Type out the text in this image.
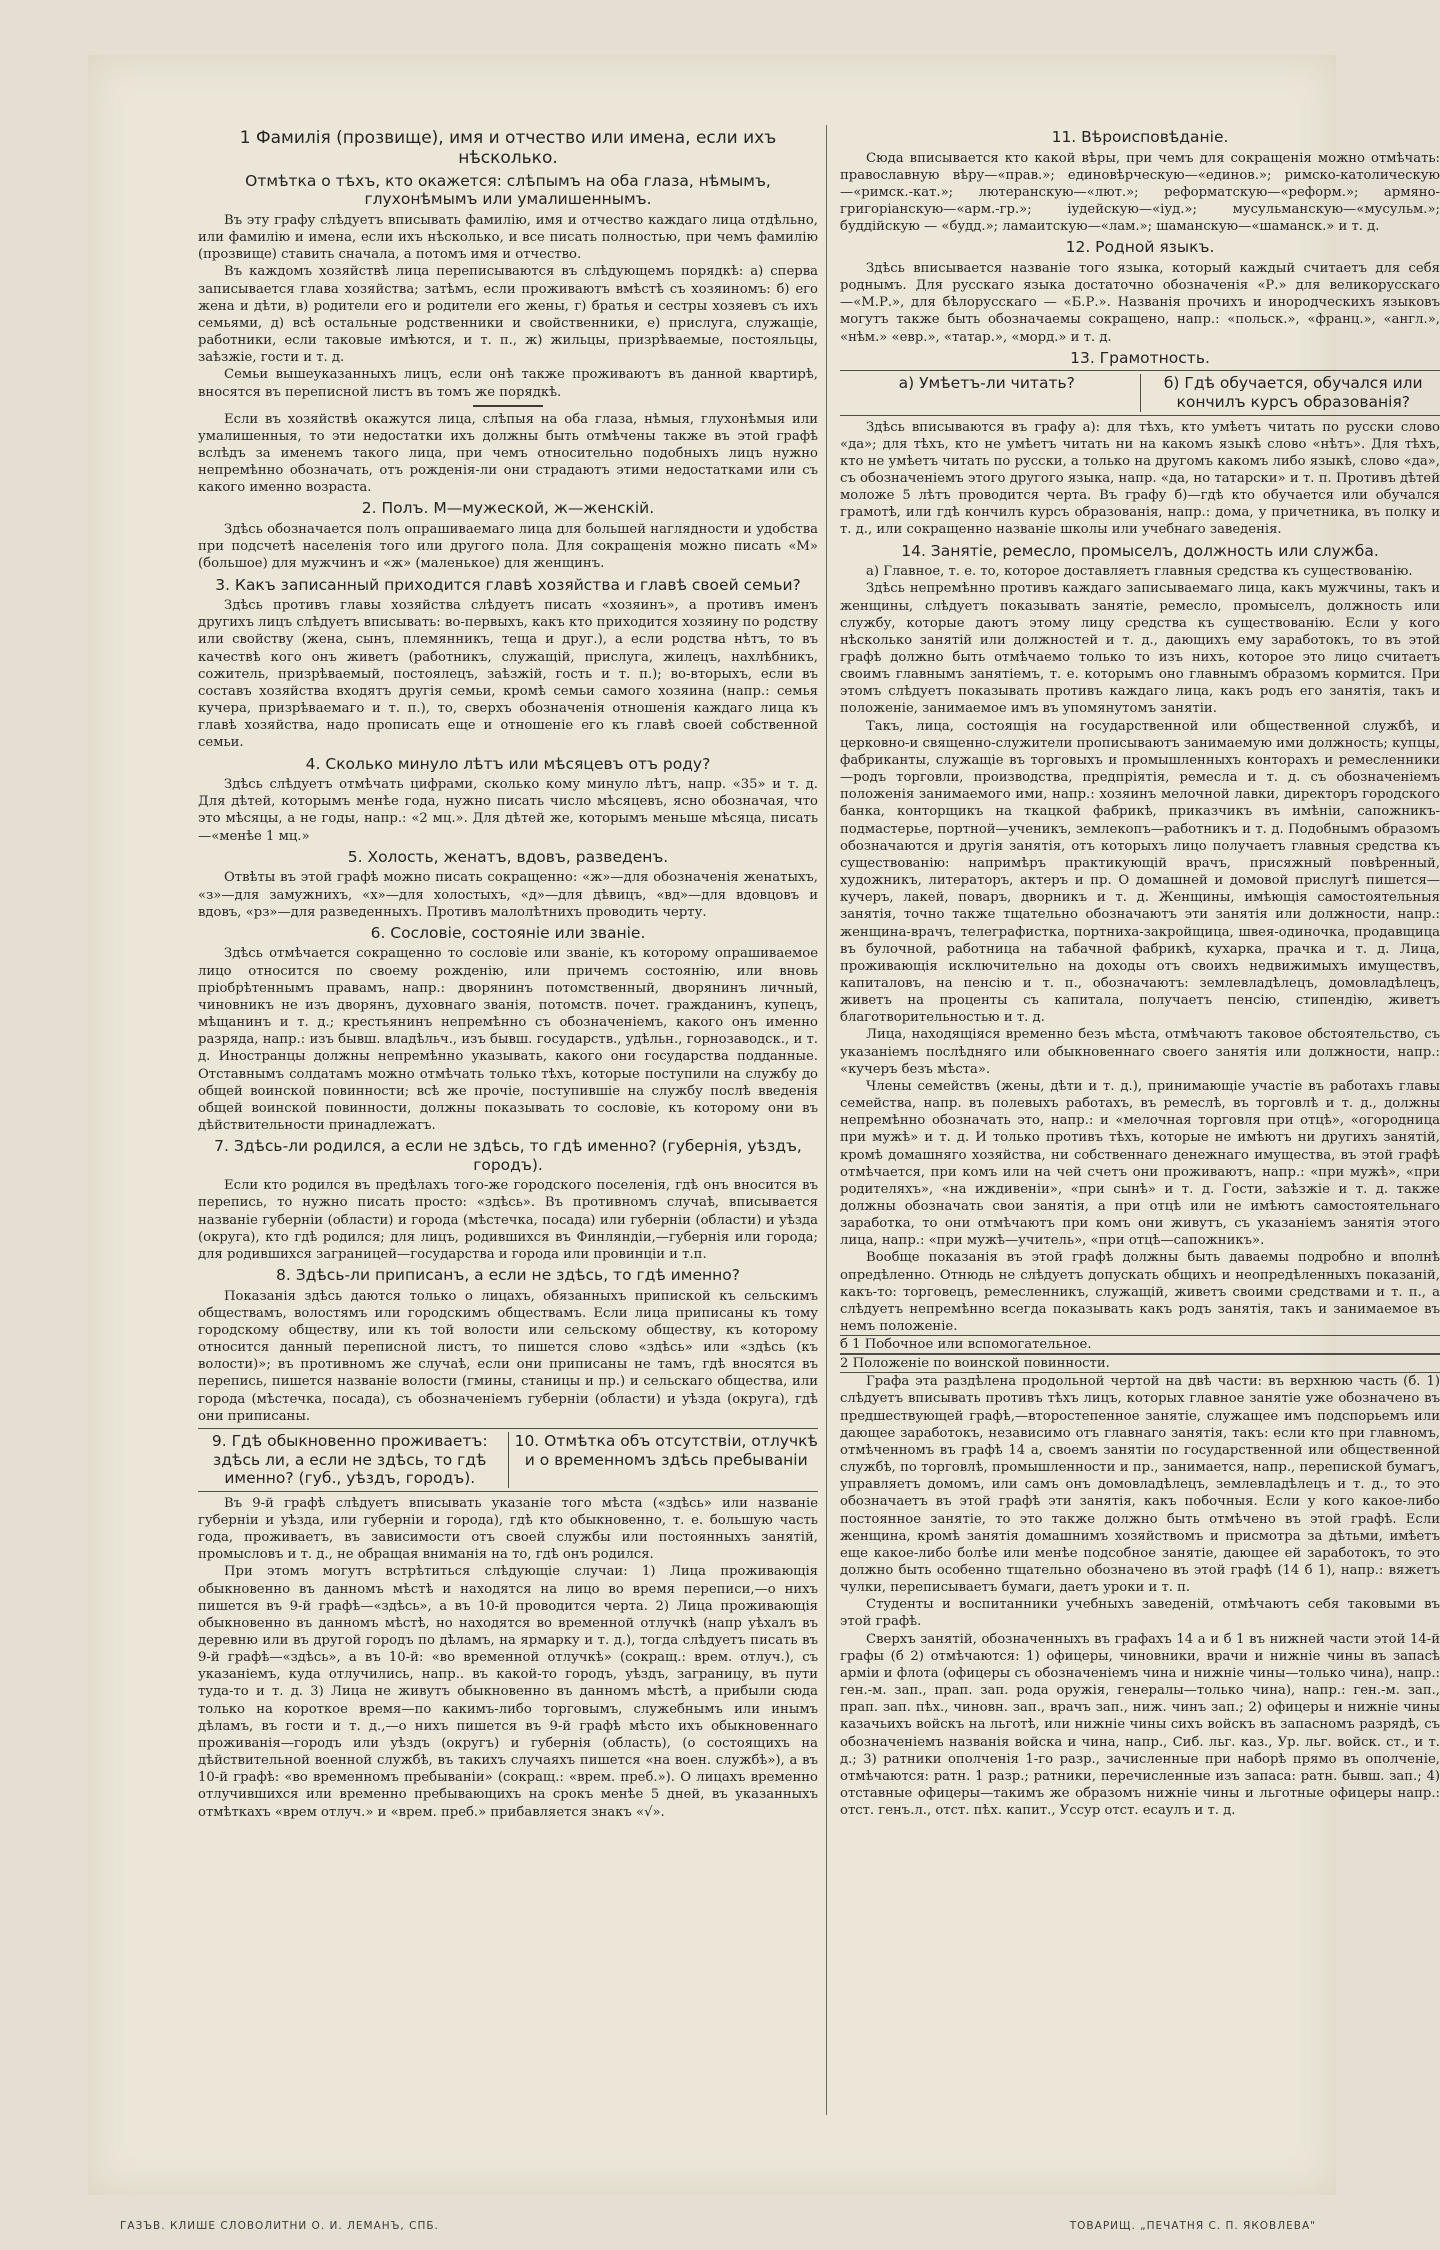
1 Фамилія (прозвище), имя и отчество или имена, если ихъ нѣсколько.
Отмѣтка о тѣхъ, кто окажется: слѣпымъ на оба глаза, нѣмымъ, глухонѣмымъ или умалишеннымъ.

Въ эту графу слѣдуетъ вписывать фамилію, имя и отчество каждаго лица отдѣльно, или фамилію и имена, если ихъ нѣсколько, и все писать полностью, при чемъ фамилію (прозвище) ставить сначала, а потомъ имя и отчество.

Въ каждомъ хозяйствѣ лица переписываются въ слѣдующемъ порядкѣ: а) сперва записывается глава хозяйства; затѣмъ, если проживаютъ вмѣстѣ съ хозяиномъ: б) его жена и дѣти, в) родители его и родители его жены, г) братья и сестры хозяевъ съ ихъ семьями, д) всѣ остальные родственники и свойственники, е) прислуга, служащіе, работники, если таковые имѣются, и т. п., ж) жильцы, призрѣваемые, постояльцы, заѣзжіе, гости и т. д.

Семьи вышеуказанныхъ лицъ, если онѣ также проживаютъ въ данной квартирѣ, вносятся въ переписной листъ въ томъ же порядкѣ.

Если въ хозяйствѣ окажутся лица, слѣпыя на оба глаза, нѣмыя, глухонѣмыя или умалишенныя, то эти недостатки ихъ должны быть отмѣчены также въ этой графѣ вслѣдъ за именемъ такого лица, при чемъ относительно подобныхъ лицъ нужно непремѣнно обозначать, отъ рожденія-ли они страдаютъ этими недостатками или съ какого именно возраста.

2. Полъ. М—мужеской, ж—женскій.

Здѣсь обозначается полъ опрашиваемаго лица для большей наглядности и удобства при подсчетѣ населенія того или другого пола. Для сокращенія можно писать «М» (большое) для мужчинъ и «ж» (маленькое) для женщинъ.

3. Какъ записанный приходится главѣ хозяйства и главѣ своей семьи?

Здѣсь противъ главы хозяйства слѣдуетъ писать «хозяинъ», а противъ именъ другихъ лицъ слѣдуетъ вписывать: во-первыхъ, какъ кто приходится хозяину по родству или свойству (жена, сынъ, племянникъ, теща и друг.), а если родства нѣтъ, то въ качествѣ кого онъ живетъ (работникъ, служащій, прислуга, жилецъ, нахлѣбникъ, сожитель, призрѣваемый, постоялецъ, заѣзжій, гость и т. п.); во-вторыхъ, если въ составъ хозяйства входятъ другія семьи, кромѣ семьи самого хозяина (напр.: семья кучера, призрѣваемаго и т. п.), то, сверхъ обозначенія отношенія каждаго лица къ главѣ хозяйства, надо прописать еще и отношеніе его къ главѣ своей собственной семьи.

4. Сколько минуло лѣтъ или мѣсяцевъ отъ роду?

Здѣсь слѣдуетъ отмѣчать цифрами, сколько кому минуло лѣтъ, напр. «35» и т. д. Для дѣтей, которымъ менѣе года, нужно писать число мѣсяцевъ, ясно обозначая, что это мѣсяцы, а не годы, напр.: «2 мц.». Для дѣтей же, которымъ меньше мѣсяца, писать—«менѣе 1 мц.»

5. Холость, женатъ, вдовъ, разведенъ.

Отвѣты въ этой графѣ можно писать сокращенно: «ж»—для обозначенія женатыхъ, «з»—для замужнихъ, «х»—для холостыхъ, «д»—для дѣвицъ, «вд»—для вдовцовъ и вдовъ, «рз»—для разведенныхъ. Противъ малолѣтнихъ проводить черту.

6. Сословіе, состояніе или званіе.

Здѣсь отмѣчается сокращенно то сословіе или званіе, къ которому опрашиваемое лицо относится по своему рожденію, или причемъ состоянію, или вновь пріобрѣтеннымъ правамъ, напр.: дворянинъ потомственный, дворянинъ личный, чиновникъ не изъ дворянъ, духовнаго званія, потомств. почет. гражданинъ, купецъ, мѣщанинъ и т. д.; крестьянинъ непремѣнно съ обозначеніемъ, какого онъ именно разряда, напр.: изъ бывш. владѣльч., изъ бывш. государств., удѣльн., горнозаводск., и т. д. Иностранцы должны непремѣнно указывать, какого они государства подданные. Отставнымъ солдатамъ можно отмѣчать только тѣхъ, которые поступили на службу до общей воинской повинности; всѣ же прочіе, поступившіе на службу послѣ введенія общей воинской повинности, должны показывать то сословіе, къ которому они въ дѣйствительности принадлежатъ.

7. Здѣсь-ли родился, а если не здѣсь, то гдѣ именно? (губернія, уѣздъ, городъ).

Если кто родился въ предѣлахъ того-же городского поселенія, гдѣ онъ вносится въ перепись, то нужно писать просто: «здѣсь». Въ противномъ случаѣ, вписывается названіе губерніи (области) и города (мѣстечка, посада) или губерніи (области) и уѣзда (округа), кто гдѣ родился; для лицъ, родившихся въ Финляндіи,—губернія или города; для родившихся заграницей—государства и города или провинціи и т.п.

8. Здѣсь-ли приписанъ, а если не здѣсь, то гдѣ именно?

Показанія здѣсь даются только о лицахъ, обязанныхъ припиской къ сельскимъ обществамъ, волостямъ или городскимъ обществамъ. Если лица приписаны къ тому городскому обществу, или къ той волости или сельскому обществу, къ которому относится данный переписной листъ, то пишется слово «здѣсь» или «здѣсь (къ волости)»; въ противномъ же случаѣ, если они приписаны не тамъ, гдѣ вносятся въ перепись, пишется названіе волости (гмины, станицы и пр.) и сельскаго общества, или города (мѣстечка, посада), съ обозначеніемъ губерніи (области) и уѣзда (округа), гдѣ они приписаны.

9. Гдѣ обыкновенно проживаетъ: здѣсь ли, а если не здѣсь, то гдѣ именно? (губ., уѣздъ, городъ).
10. Отмѣтка объ отсутствіи, отлучкѣ и о временномъ здѣсь пребываніи

Въ 9-й графѣ слѣдуетъ вписывать указаніе того мѣста («здѣсь» или названіе губерніи и уѣзда, или губерніи и города), гдѣ кто обыкновенно, т. е. большую часть года, проживаетъ, въ зависимости отъ своей службы или постоянныхъ занятій, промысловъ и т. д., не обращая вниманія на то, гдѣ онъ родился.

При этомъ могутъ встрѣтиться слѣдующіе случаи: 1) Лица проживающія обыкновенно въ данномъ мѣстѣ и находятся на лицо во время переписи,—о нихъ пишется въ 9-й графѣ—«здѣсь», а въ 10-й проводится черта. 2) Лица проживающія обыкновенно въ данномъ мѣстѣ, но находятся во временной отлучкѣ (напр уѣхалъ въ деревню или въ другой городъ по дѣламъ, на ярмарку и т. д.), тогда слѣдуетъ писать въ 9-й графѣ—«здѣсь», а въ 10-й: «во временной отлучкѣ» (сокращ.: врем. отлуч.), съ указаніемъ, куда отлучились, напр.. въ какой-то городъ, уѣздъ, заграницу, въ пути туда-то и т. д. 3) Лица не живутъ обыкновенно въ данномъ мѣстѣ, а прибыли сюда только на короткое время—по какимъ-либо торговымъ, служебнымъ или инымъ дѣламъ, въ гости и т. д.,—о нихъ пишется въ 9-й графѣ мѣсто ихъ обыкновеннаго проживанія—городъ или уѣздъ (округъ) и губернія (область), (о состоящихъ на дѣйствительной военной службѣ, въ такихъ случаяхъ пишется «на воен. службѣ»), а въ 10-й графѣ: «во временномъ пребываніи» (сокращ.: «врем. преб.»). О лицахъ временно отлучившихся или временно пребывающихъ на срокъ менѣе 5 дней, въ указанныхъ отмѣткахъ «врем отлуч.» и «врем. преб.» прибавляется знакъ «√».

11. Вѣроисповѣданіе.

Сюда вписывается кто какой вѣры, при чемъ для сокращенія можно отмѣчать: православную вѣру—«прав.»; единовѣрческую—«единов.»; римско-католическую—«римск.-кат.»; лютеранскую—«лют.»; реформатскую—«реформ.»; армяно-григоріанскую—«арм.-гр.»; іудейскую—«іуд.»; мусульманскую—«мусульм.»; буддійскую — «будд.»; ламаитскую—«лам.»; шаманскую—«шаманск.» и т. д.

12. Родной языкъ.

Здѣсь вписывается названіе того языка, который каждый считаетъ для себя роднымъ. Для русскаго языка достаточно обозначенія «Р.» для великорусскаго—«М.Р.», для бѣлорусскаго — «Б.Р.». Названія прочихъ и инородческихъ языковъ могутъ также быть обозначаемы сокращено, напр.: «польск.», «франц.», «англ.», «нѣм.» «евр.», «татар.», «морд.» и т. д.

13. Грамотность.
а) Умѣетъ-ли читать?	б) Гдѣ обучается, обучался или кончилъ курсъ образованія?

Здѣсь вписываются въ графу а): для тѣхъ, кто умѣетъ читать по русски слово «да»; для тѣхъ, кто не умѣетъ читать ни на какомъ языкѣ слово «нѣтъ». Для тѣхъ, кто не умѣетъ читать по русски, а только на другомъ какомъ либо языкѣ, слово «да», съ обозначеніемъ этого другого языка, напр. «да, но татарски» и т. п. Противъ дѣтей моложе 5 лѣтъ проводится черта. Въ графу б)—гдѣ кто обучается или обучался грамотѣ, или гдѣ кончилъ курсъ образованія, напр.: дома, у причетника, въ полку и т. д., или сокращенно названіе школы или учебнаго заведенія.

14. Занятіе, ремесло, промыселъ, должность или служба.

а) Главное, т. е. то, которое доставляетъ главныя средства къ существованію.

Здѣсь непремѣнно противъ каждаго записываемаго лица, какъ мужчины, такъ и женщины, слѣдуетъ показывать занятіе, ремесло, промыселъ, должность или службу, которые даютъ этому лицу средства къ существованію. Если у кого нѣсколько занятій или должностей и т. д., дающихъ ему заработокъ, то въ этой графѣ должно быть отмѣчаемо только то изъ нихъ, которое это лицо считаетъ своимъ главнымъ занятіемъ, т. е. которымъ оно главнымъ образомъ кормится. При этомъ слѣдуетъ показывать противъ каждаго лица, какъ родъ его занятія, такъ и положеніе, занимаемое имъ въ упомянутомъ занятіи.

Такъ, лица, состоящія на государственной или общественной службѣ, и церковно-и священно-служители прописываютъ занимаемую ими должность; купцы, фабриканты, служащіе въ торговыхъ и промышленныхъ конторахъ и ремесленники—родъ торговли, производства, предпріятія, ремесла и т. д. съ обозначеніемъ положенія занимаемого ими, напр.: хозяинъ мелочной лавки, директоръ городского банка, конторщикъ на ткацкой фабрикѣ, приказчикъ въ имѣніи, сапожникъ-подмастерье, портной—ученикъ, землекопъ—работникъ и т. д. Подобнымъ образомъ обозначаются и другія занятія, отъ которыхъ лицо получаетъ главныя средства къ существованію: напримѣръ практикующій врачъ, присяжный повѣренный, художникъ, литераторъ, актеръ и пр. О домашней и домовой прислугѣ пишется—кучеръ, лакей, поваръ, дворникъ и т. д. Женщины, имѣющія самостоятельныя занятія, точно также тщательно обозначаютъ эти занятія или должности, напр.: женщина-врачъ, телеграфистка, портниха-закройщица, швея-одиночка, продавщица въ булочной, работница на табачной фабрикѣ, кухарка, прачка и т. д. Лица, проживающія исключительно на доходы отъ своихъ недвижимыхъ имуществъ, капиталовъ, на пенсію и т. п., обозначаютъ: землевладѣлецъ, домовладѣлецъ, живетъ на проценты съ капитала, получаетъ пенсію, стипендію, живетъ благотворительностью и т. д.

Лица, находящіяся временно безъ мѣста, отмѣчаютъ таковое обстоятельство, съ указаніемъ послѣдняго или обыкновеннаго своего занятія или должности, напр.: «кучеръ безъ мѣста».

Члены семействъ (жены, дѣти и т. д.), принимающіе участіе въ работахъ главы семейства, напр. въ полевыхъ работахъ, въ ремеслѣ, въ торговлѣ и т. д., должны непремѣнно обозначать это, напр.: и «мелочная торговля при отцѣ», «огородница при мужѣ» и т. д. И только противъ тѣхъ, которые не имѣютъ ни другихъ занятій, кромѣ домашняго хозяйства, ни собственнаго денежнаго имущества, въ этой графѣ отмѣчается, при комъ или на чей счетъ они проживаютъ, напр.: «при мужѣ», «при родителяхъ», «на иждивеніи», «при сынѣ» и т. д. Гости, заѣзжіе и т. д. также должны обозначать свои занятія, а при отцѣ или не имѣютъ самостоятельнаго заработка, то они отмѣчаютъ при комъ они живутъ, съ указаніемъ занятія этого лица, напр.: «при мужѣ—учитель», «при отцѣ—сапожникъ».

Вообще показанія въ этой графѣ должны быть даваемы подробно и вполнѣ опредѣленно. Отнюдь не слѣдуетъ допускать общихъ и неопредѣленныхъ показаній, какъ-то: торговецъ, ремесленникъ, служащій, живетъ своими средствами и т. п., а слѣдуетъ непремѣнно всегда показывать какъ родъ занятія, такъ и занимаемое въ немъ положеніе.

б 1 Побочное или вспомогательное.
2 Положеніе по воинской повинности.

Графа эта раздѣлена продольной чертой на двѣ части: въ верхнюю часть (б. 1) слѣдуетъ вписывать противъ тѣхъ лицъ, которых главное занятіе уже обозначено въ предшествующей графѣ,—второстепенное занятіе, служащее имъ подспорьемъ или дающее заработокъ, независимо отъ главнаго занятія, такъ: если кто при главномъ, отмѣченномъ въ графѣ 14 а, своемъ занятіи по государственной или общественной службѣ, по торговлѣ, промышленности и пр., занимается, напр., перепиской бумагъ, управляетъ домомъ, или самъ онъ домовладѣлецъ, землевладѣлецъ и т. д., то это обозначаетъ въ этой графѣ эти занятія, какъ побочныя. Если у кого какое-либо постоянное занятіе, то это также должно быть отмѣчено въ этой графѣ. Если женщина, кромѣ занятія домашнимъ хозяйствомъ и присмотра за дѣтьми, имѣетъ еще какое-либо болѣе или менѣе подсобное занятіе, дающее ей заработокъ, то это должно быть особенно тщательно обозначено въ этой графѣ (14 б 1), напр.: вяжетъ чулки, переписываетъ бумаги, даетъ уроки и т. п.

Студенты и воспитанники учебныхъ заведеній, отмѣчаютъ себя таковыми въ этой графѣ.

Сверхъ занятій, обозначенныхъ въ графахъ 14 а и б 1 въ нижней части этой 14-й графы (б 2) отмѣчаются: 1) офицеры, чиновники, врачи и нижніе чины въ запасѣ арміи и флота (офицеры съ обозначеніемъ чина и нижніе чины—только чина), напр.: ген.-м. зап., прап. зап. рода оружія, генералы—только чина), напр.: ген.-м. зап., прап. зап. пѣх., чиновн. зап., врачъ зап., ниж. чинъ зап.; 2) офицеры и нижніе чины казачьихъ войскъ на льготѣ, или нижніе чины сихъ войскъ въ запасномъ разрядѣ, съ обозначеніемъ названія войска и чина, напр., Сиб. льг. каз., Ур. льг. войск. ст., и т. д.; 3) ратники ополченія 1-го разр., зачисленные при наборѣ прямо въ ополченіе, отмѣчаются: ратн. 1 разр.; ратники, перечисленные изъ запаса: ратн. бывш. зап.; 4) отставные офицеры—такимъ же образомъ нижніе чины и льготные офицеры напр.: отст. генъ.л., отст. пѣх. капит., Уссур отст. есаулъ и т. д.

ГАЗЪВ. КЛИШЕ СЛОВОЛИТНИ О. И. ЛЕМАНЪ, СПБ.	ТОВАРИЩ. „ПЕЧАТНЯ С. П. ЯКОВЛЕВА"
